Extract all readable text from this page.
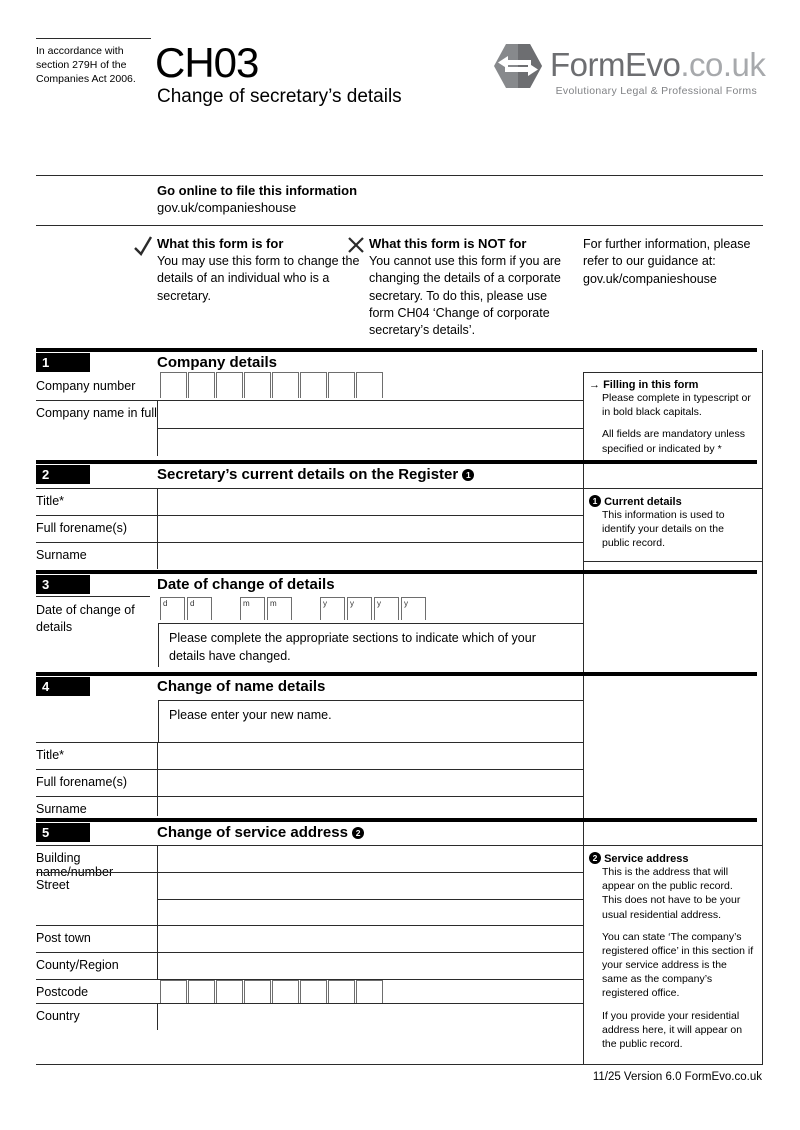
In accordance with section 279H of the Companies Act 2006. CH03
Change of secretary’s details
FormEvo.co.uk
Evolutionary Legal & Professional Forms
Go online to file this information
gov.uk/companieshouse
What this form is for
You may use this form to change the details of an individual who is a secretary.
What this form is NOT for
You cannot use this form if you are changing the details of a corporate secretary. To do this, please use form CH04 ‘Change of corporate secretary’s details’.
For further information, please refer to our guidance at:
gov.uk/companieshouse
1	Company details
Company number
Company name in full
→ Filling in this form

Please complete in typescript or in bold black capitals.

All fields are mandatory unless specified or indicated by *

2	Secretary’s current details on the Register 1
Title*
Full forename(s)
Surname
1 Current details

This information is used to identify your details on the public record.

3	Date of change of details
Date of change of details
d	d	m	m	y	y	y	y
Please complete the appropriate sections to indicate which of your details have changed.
4	Change of name details
Please enter your new name.
Title*
Full forename(s)
Surname
5	Change of service address 2
Building name/number
Street
Post town
County/Region
Postcode
Country
2 Service address

This is the address that will appear on the public record. This does not have to be your usual residential address.

You can state ‘The company’s registered office’ in this section if your service address is the same as the company’s registered office.

If you provide your residential address here, it will appear on the public record.

11/25 Version 6.0 FormEvo.co.uk
